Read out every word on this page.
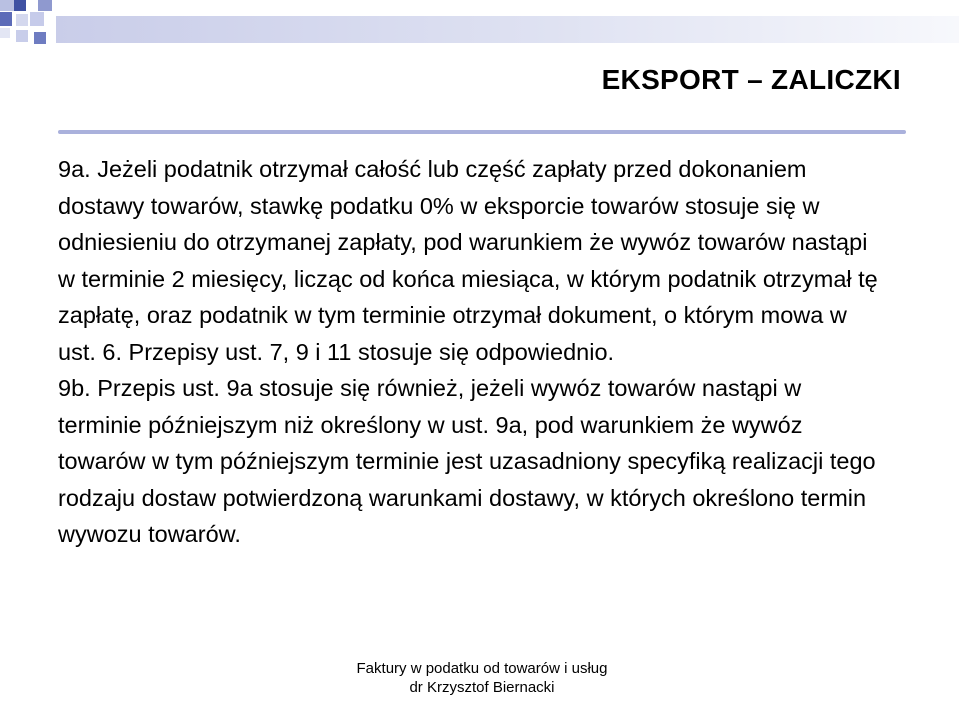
EKSPORT – ZALICZKI

9a. Jeżeli podatnik otrzymał całość lub część zapłaty przed dokonaniem dostawy towarów, stawkę podatku 0% w eksporcie towarów stosuje się w odniesieniu do otrzymanej zapłaty, pod warunkiem że wywóz towarów nastąpi w terminie 2 miesięcy, licząc od końca miesiąca, w którym podatnik otrzymał tę zapłatę, oraz podatnik w tym terminie otrzymał dokument, o którym mowa w ust. 6. Przepisy ust. 7, 9 i 11 stosuje się odpowiednio.

9b. Przepis ust. 9a stosuje się również, jeżeli wywóz towarów nastąpi w terminie późniejszym niż określony w ust. 9a, pod warunkiem że wywóz towarów w tym późniejszym terminie jest uzasadniony specyfiką realizacji tego rodzaju dostaw potwierdzoną warunkami dostawy, w których określono termin wywozu towarów.

Faktury w podatku od towarów i usług
dr Krzysztof Biernacki
